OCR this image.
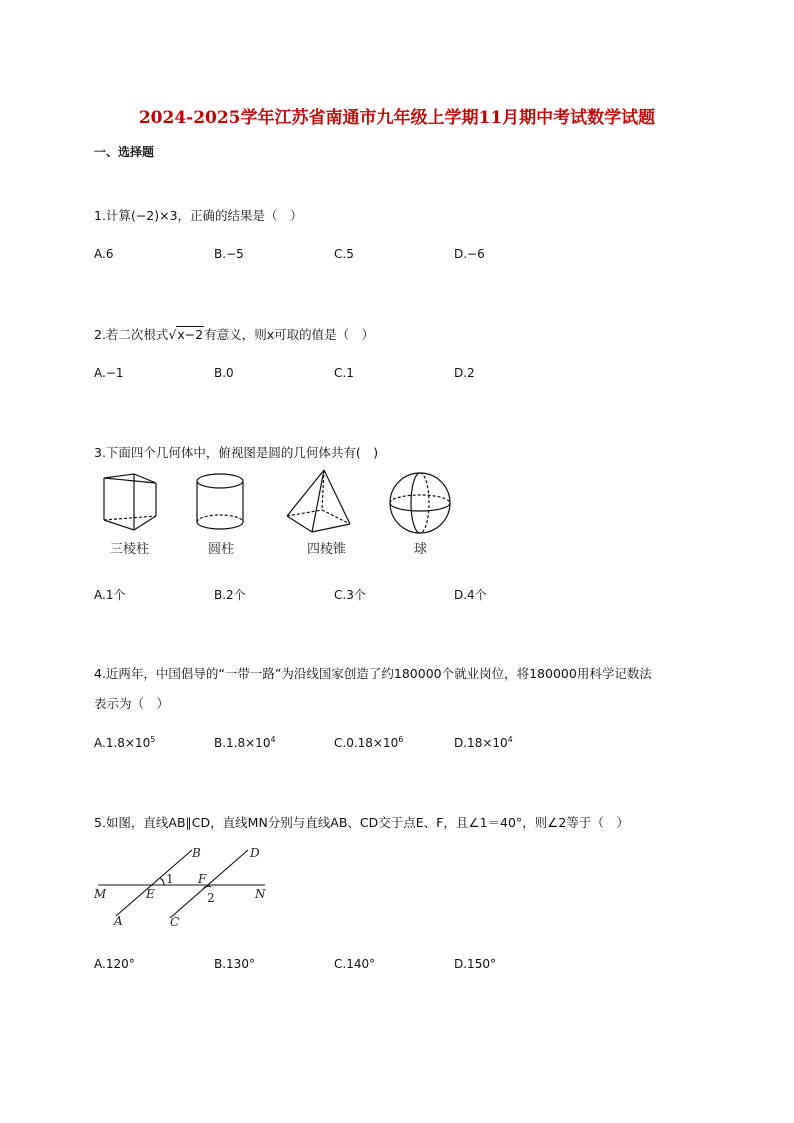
2024-2025学年江苏省南通市九年级上学期11月期中考试数学试题
一、选择题
1.计算(−2)×3，正确的结果是（　）
A.6	B.−5	C.5	D.−6
2.若二次根式√x−2有意义，则x可取的值是（　）
A.−1	B.0	C.1	D.2
3.下面四个几何体中，俯视图是圆的几何体共有(　)
三棱柱	圆柱	四棱锥	球
A.1个	B.2个	C.3个	D.4个
4.近两年，中国倡导的“一带一路”为沿线国家创造了约180000个就业岗位，将180000用科学记数法
表示为（　）
$A.1.8\times 10^5$	$B.1.8\times 10^4$	$C.0.18\times 10^6$	$D.18\times 10^4$
5.如图，直线AB∥CD，直线MN分别与直线AB、CD交于点E、F，且∠1＝40°，则∠2等于（　）
B	D
M	E
F
N
A	C
1
2
A.120°	B.130°	C.140°	D.150°
